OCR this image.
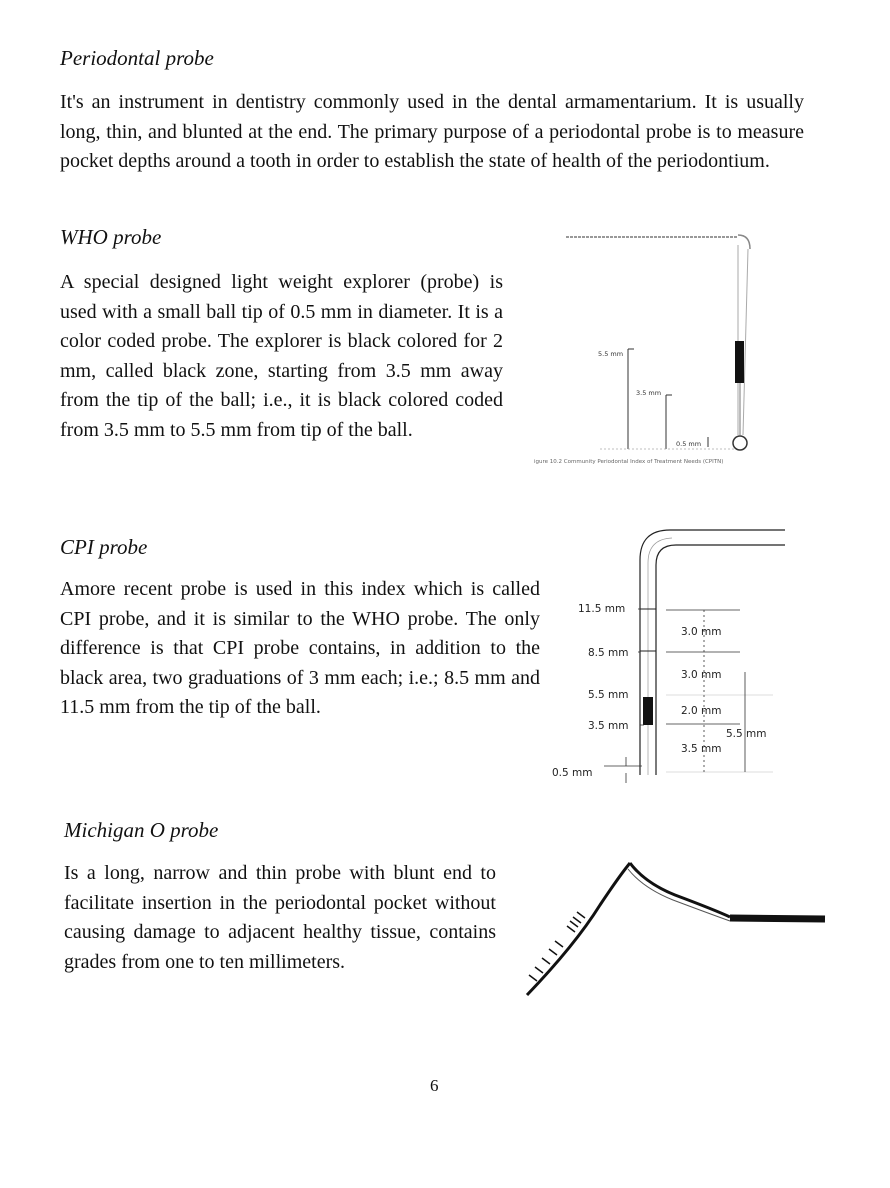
Periodontal probe

It's an instrument in dentistry commonly used in the dental armamentarium. It is usually long, thin, and blunted at the end. The primary purpose of a periodontal probe is to measure pocket depths around a tooth in order to establish the state of health of the periodontium.

WHO probe

A special designed light weight explorer (probe) is used with a small ball tip of 0.5 mm in diameter. It is a color coded probe. The explorer is black colored for 2 mm, called black zone, starting from 3.5 mm away from the tip of the ball; i.e., it is black colored coded from 3.5 mm to 5.5 mm from tip of the ball.

5.5 mm
3.5 mm
0.5 mm
igure 10.2 Community Periodontal Index of Treatment Needs (CPITN)
CPI probe

Amore recent probe is used in this index which is called CPI probe, and it is similar to the WHO probe. The only difference is that CPI probe contains, in addition to the black area, two graduations of 3 mm each; i.e.; 8.5 mm and 11.5 mm from the tip of the ball.

11.5 mm
8.5 mm
5.5 mm
3.5 mm
0.5 mm
3.0 mm
3.0 mm
2.0 mm
5.5 mm
3.5 mm
Michigan O probe

Is a long, narrow and thin probe with blunt end to facilitate insertion in the periodontal pocket without causing damage to adjacent healthy tissue, contains grades from one to ten millimeters.

6
